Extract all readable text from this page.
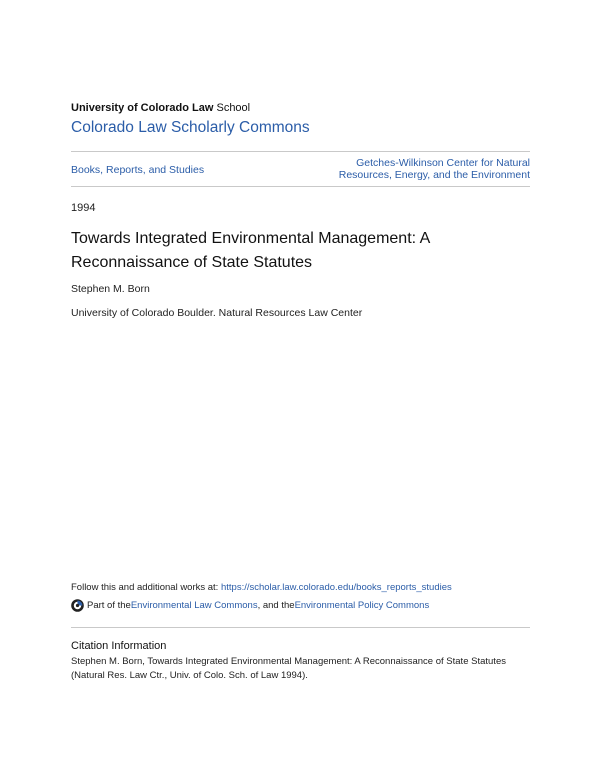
University of Colorado Law School
Colorado Law Scholarly Commons
Books, Reports, and Studies
Getches-Wilkinson Center for Natural
Resources, Energy, and the Environment
1994
Towards Integrated Environmental Management: A Reconnaissance of State Statutes
Stephen M. Born
University of Colorado Boulder. Natural Resources Law Center
Follow this and additional works at: https://scholar.law.colorado.edu/books_reports_studies
Part of the Environmental Law Commons , and the Environmental Policy Commons
Citation Information
Stephen M. Born, Towards Integrated Environmental Management: A Reconnaissance of State Statutes (Natural Res. Law Ctr., Univ. of Colo. Sch. of Law 1994).
